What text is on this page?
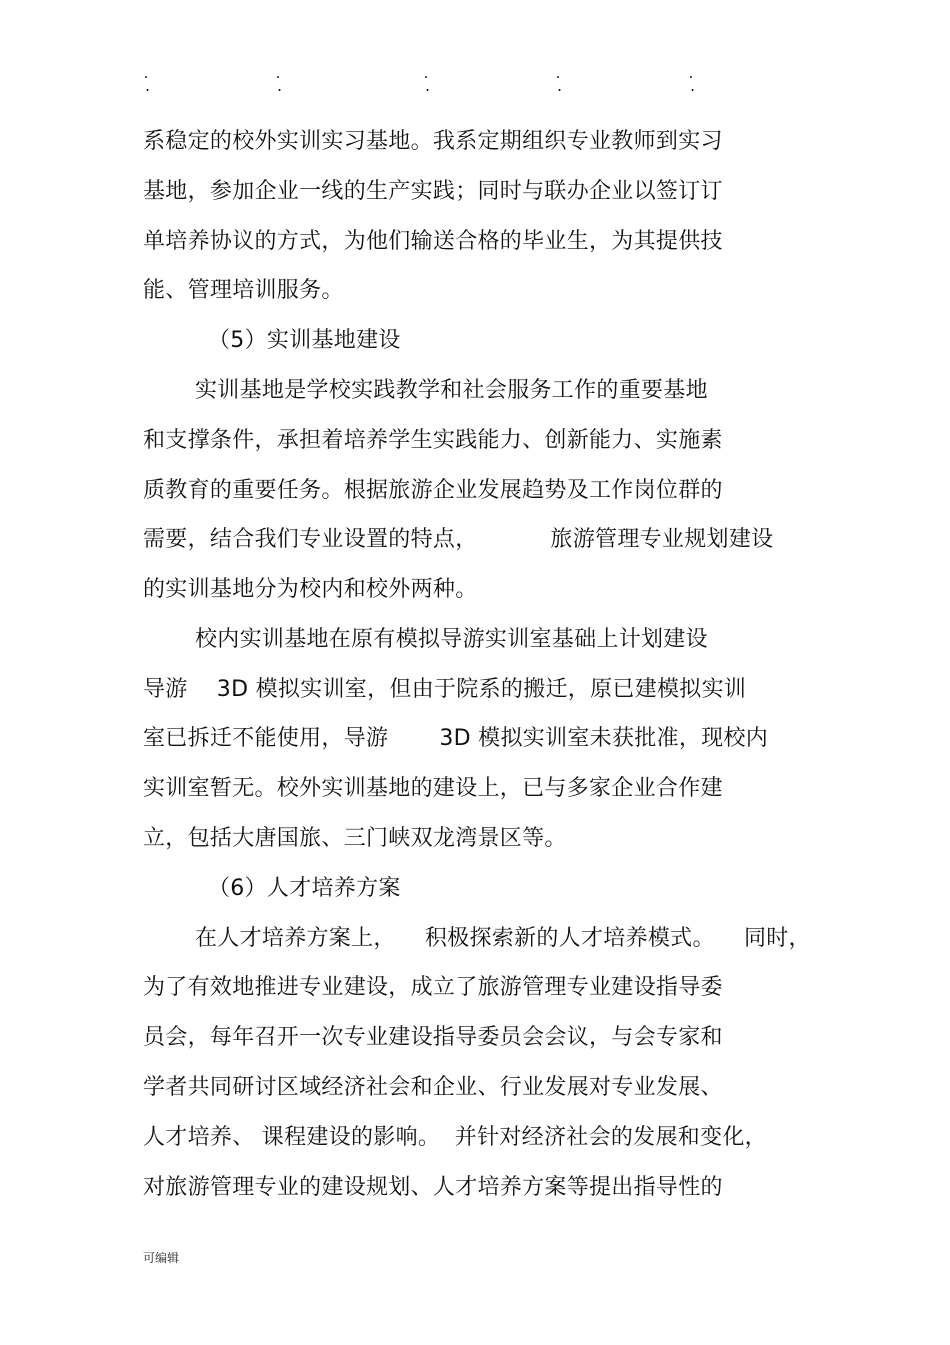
.	.	.	.	.
系稳定的校外实训实习基地。我系定期组织专业教师到实习
基地，参加企业一线的生产实践；同时与联办企业以签订订
单培养协议的方式，为他们输送合格的毕业生，为其提供技
能、管理培训服务。
（5）实训基地建设
实训基地是学校实践教学和社会服务工作的重要基地
和支撑条件，承担着培养学生实践能力、创新能力、实施素
质教育的重要任务。根据旅游企业发展趋势及工作岗位群的
需要，结合我们专业设置的特点，          旅游管理专业规划建设
的实训基地分为校内和校外两种。
校内实训基地在原有模拟导游实训室基础上计划建设
导游    3D 模拟实训室，但由于院系的搬迁，原已建模拟实训
室已拆迁不能使用，导游       3D 模拟实训室未获批准，现校内
实训室暂无。校外实训基地的建设上，已与多家企业合作建
立，包括大唐国旅、三门峡双龙湾景区等。
（6）人才培养方案
在人才培养方案上，    积极探索新的人才培养模式。    同时，
为了有效地推进专业建设，成立了旅游管理专业建设指导委
员会，每年召开一次专业建设指导委员会会议，与会专家和
学者共同研讨区域经济社会和企业、行业发展对专业发展、
人才培养、 课程建设的影响。  并针对经济社会的发展和变化，
对旅游管理专业的建设规划、人才培养方案等提出指导性的
可编辑
